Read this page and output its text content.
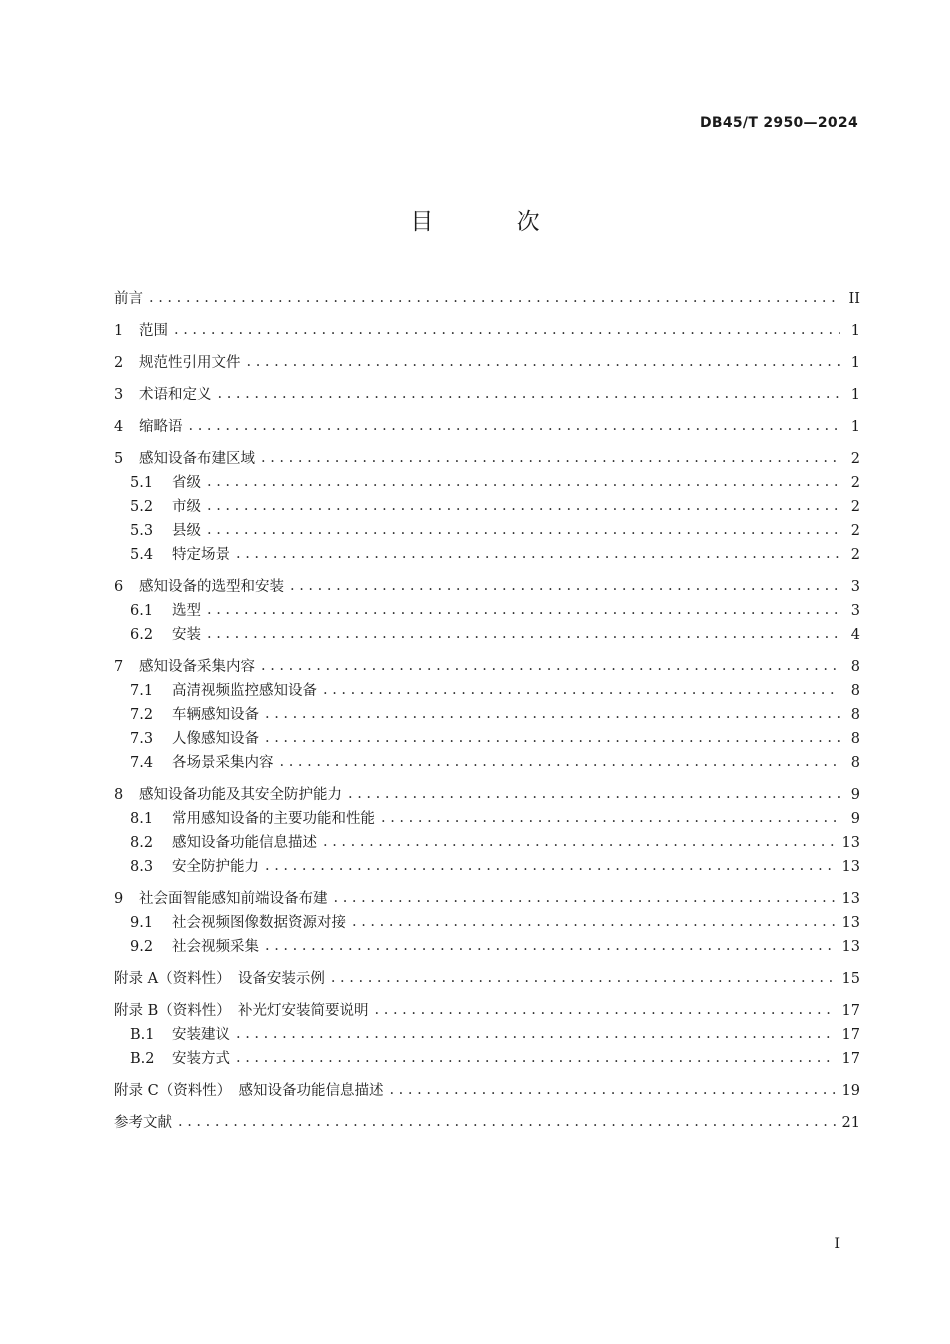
DB45/T 2950—2024
目 次
前言 . . .	II
1 范围 . . .	1
2 规范性引用文件 . . .	1
3 术语和定义 . . .	1
4 缩略语 . . .	1
5 感知设备布建区域 . . .	2
5.1	省级 . . .	2
5.2	市级 . . .	2
5.3	县级 . . .	2
5.4	特定场景 . . .	2
6 感知设备的选型和安装 . . .	3
6.1	选型 . . .	3
6.2	安装 . . .	4
7 感知设备采集内容 . . .	8
7.1	高清视频监控感知设备 . . .	8
7.2	车辆感知设备 . . .	8
7.3	人像感知设备 . . .	8
7.4	各场景采集内容 . . .	8
8 感知设备功能及其安全防护能力 . . .	9
8.1	常用感知设备的主要功能和性能 . . .	9
8.2	感知设备功能信息描述 . . .	13
8.3	安全防护能力 . . .	13
9 社会面智能感知前端设备布建 . . .	13
9.1	社会视频图像数据资源对接 . . .	13
9.2	社会视频采集 . . .	13
附录 A（资料性）　设备安装示例 . . .	15
附录 B（资料性）　补光灯安装简要说明 . . .	17
B.1	安装建议 . . .	17
B.2	安装方式 . . .	17
附录 C（资料性）　感知设备功能信息描述 . . .	19
参考文献 . . .	21
I
